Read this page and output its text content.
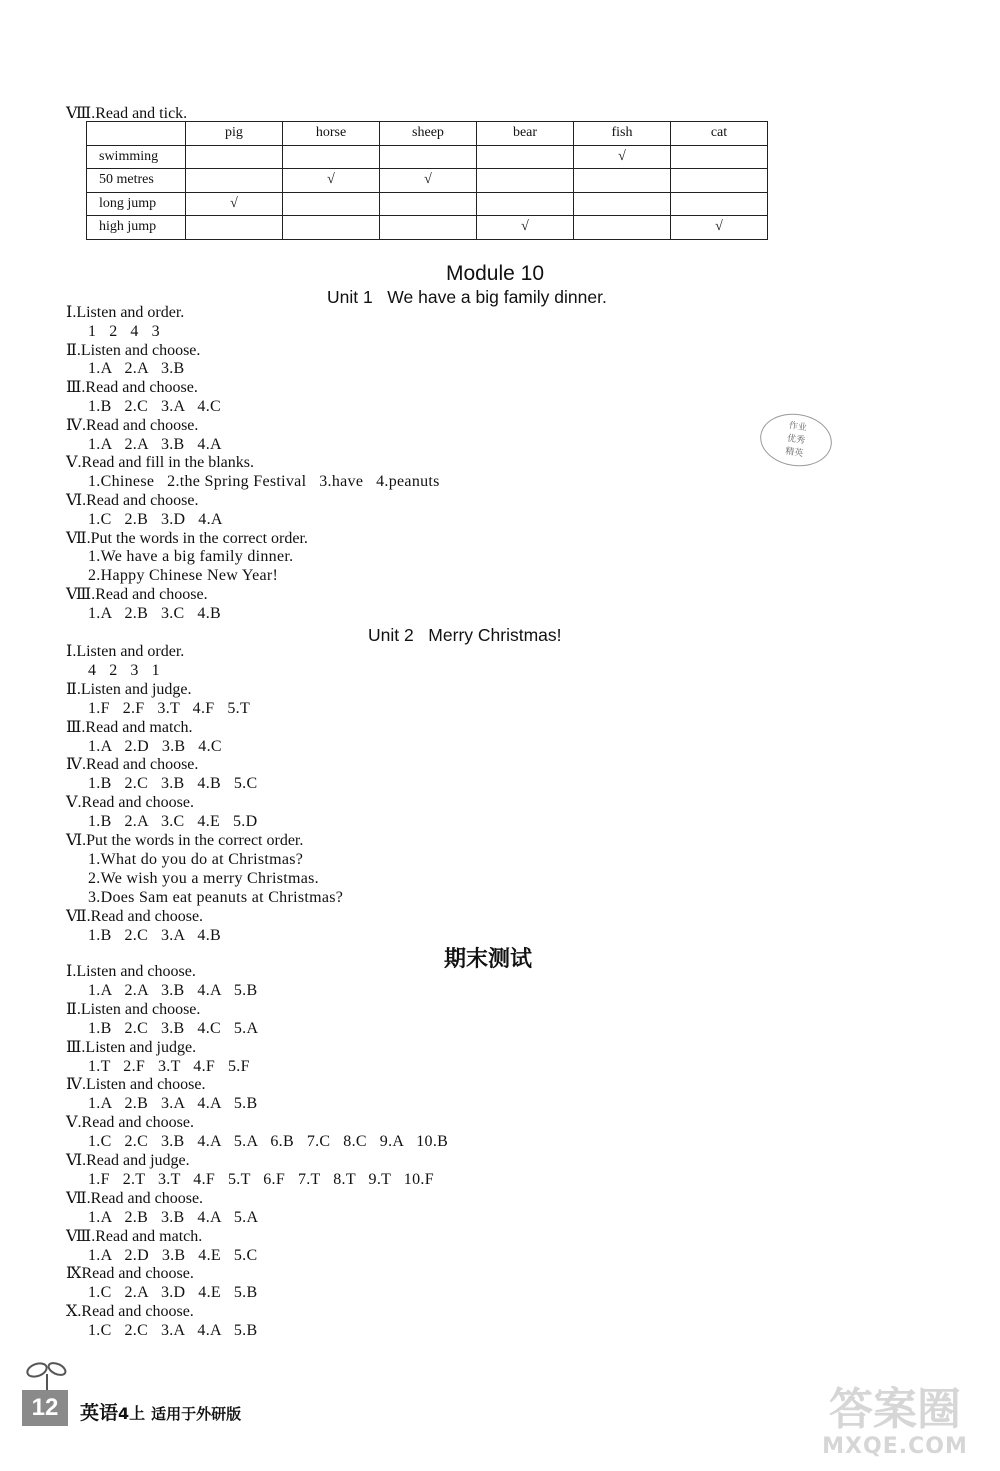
Ⅷ.Read and tick.
	pig	horse	sheep	bear	fish	cat
swimming					√	
50 metres		√	√			
long jump	√					
high jump				√		√
Module 10
Unit 1   We have a big family dinner.
Ⅰ.Listen and order.
1   2   4   3
Ⅱ.Listen and choose.
1.A   2.A   3.B
Ⅲ.Read and choose.
1.B   2.C   3.A   4.C
Ⅳ.Read and choose.
1.A   2.A   3.B   4.A
Ⅴ.Read and fill in the blanks.
1.Chinese   2.the Spring Festival   3.have   4.peanuts
Ⅵ.Read and choose.
1.C   2.B   3.D   4.A
Ⅶ.Put the words in the correct order.
1.We have a big family dinner.
2.Happy Chinese New Year!
Ⅷ.Read and choose.
1.A   2.B   3.C   4.B
作业
优秀
精英
Unit 2   Merry Christmas!
Ⅰ.Listen and order.
4   2   3   1
Ⅱ.Listen and judge.
1.F   2.F   3.T   4.F   5.T
Ⅲ.Read and match.
1.A   2.D   3.B   4.C
Ⅳ.Read and choose.
1.B   2.C   3.B   4.B   5.C
Ⅴ.Read and choose.
1.B   2.A   3.C   4.E   5.D
Ⅵ.Put the words in the correct order.
1.What do you do at Christmas?
2.We wish you a merry Christmas.
3.Does Sam eat peanuts at Christmas?
Ⅶ.Read and choose.
1.B   2.C   3.A   4.B
期末测试
Ⅰ.Listen and choose.
1.A   2.A   3.B   4.A   5.B
Ⅱ.Listen and choose.
1.B   2.C   3.B   4.C   5.A
Ⅲ.Listen and judge.
1.T   2.F   3.T   4.F   5.F
Ⅳ.Listen and choose.
1.A   2.B   3.A   4.A   5.B
Ⅴ.Read and choose.
1.C   2.C   3.B   4.A   5.A   6.B   7.C   8.C   9.A   10.B
Ⅵ.Read and judge.
1.F   2.T   3.T   4.F   5.T   6.F   7.T   8.T   9.T   10.F
Ⅶ.Read and choose.
1.A   2.B   3.B   4.A   5.A
Ⅷ.Read and match.
1.A   2.D   3.B   4.E   5.C
ⅨRead and choose.
1.C   2.A   3.D   4.E   5.B
Ⅹ.Read and choose.
1.C   2.C   3.A   4.A   5.B
12	英语4上 适用于外研版	答案圈
MXQE.COM
